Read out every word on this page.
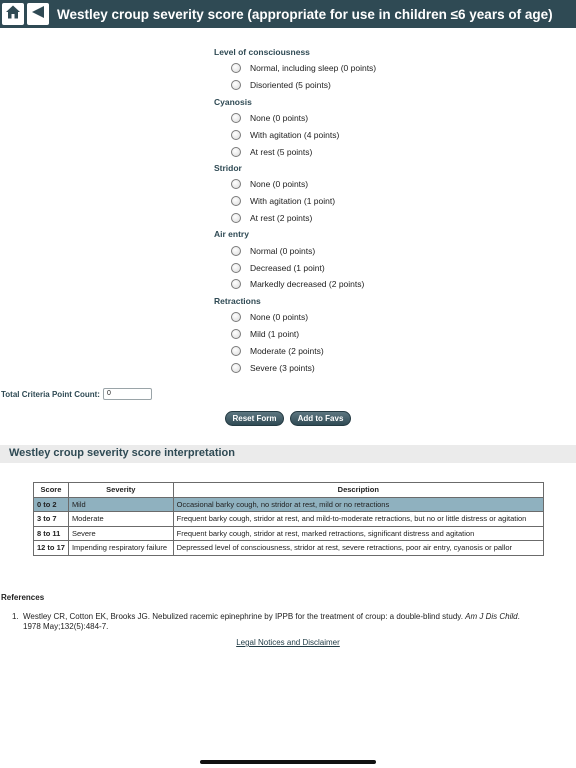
Westley croup severity score (appropriate for use in children ≤6 years of age)
Level of consciousness
Normal, including sleep (0 points)
Disoriented (5 points)
Cyanosis
None (0 points)
With agitation (4 points)
At rest (5 points)
Stridor
None (0 points)
With agitation (1 point)
At rest (2 points)
Air entry
Normal (0 points)
Decreased (1 point)
Markedly decreased (2 points)
Retractions
None (0 points)
Mild (1 point)
Moderate (2 points)
Severe (3 points)
Total Criteria Point Count:	0
Reset Form	Add to Favs
Westley croup severity score interpretation
Score	Severity	Description
0 to 2	Mild	Occasional barky cough, no stridor at rest, mild or no retractions
3 to 7	Moderate	Frequent barky cough, stridor at rest, and mild-to-moderate retractions, but no or little distress or agitation
8 to 11	Severe	Frequent barky cough, stridor at rest, marked retractions, significant distress and agitation
12 to 17	Impending respiratory failure	Depressed level of consciousness, stridor at rest, severe retractions, poor air entry, cyanosis or pallor
References
1. Westley CR, Cotton EK, Brooks JG. Nebulized racemic epinephrine by IPPB for the treatment of croup: a double-blind study. Am J Dis Child. 1978 May;132(5):484-7.
Legal Notices and Disclaimer
